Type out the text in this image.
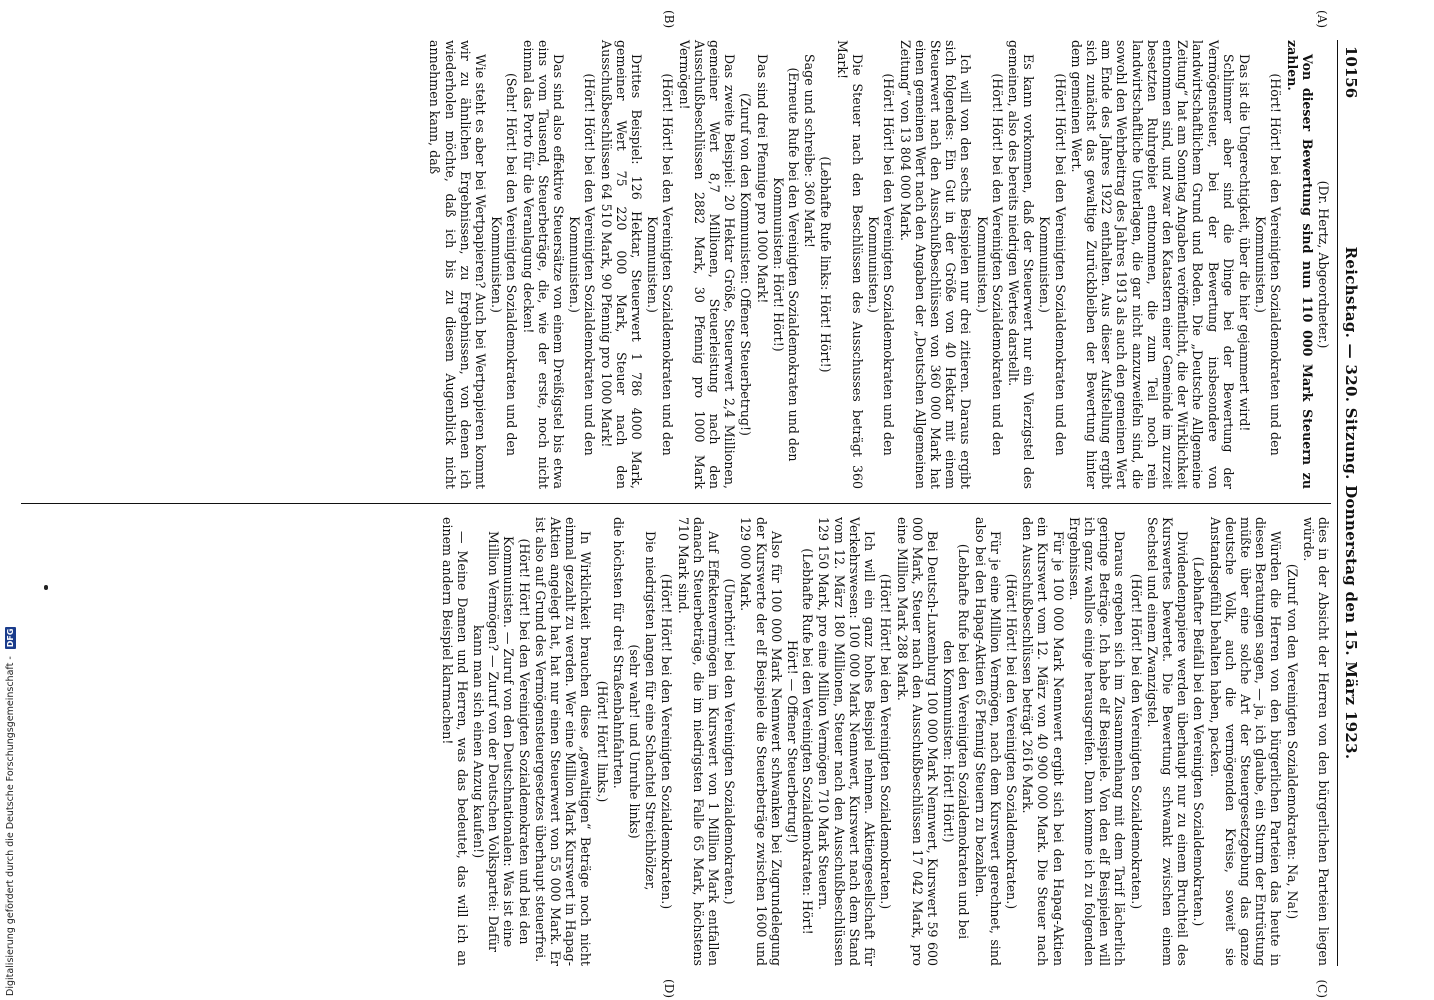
10156
Reichstag. — 320. Sitzung. Donnerstag den 15. März 1923.
(A)
(B)
(C)
(D)

(Dr. Hertz, Abgeordneter.)

Von dieser Bewertung sind nun 110 000 Mark Steuern zu zahlen.

(Hört! Hört! bei den Vereinigten Sozialdemokraten und den Kommunisten.)

Das ist die Ungerechtigkeit, über die hier gejammert wird!

Schlimmer aber sind die Dinge bei der Bewertung der Vermögensteuer, bei der Bewertung insbesondere von landwirtschaftlichem Grund und Boden. Die „Deutsche Allgemeine Zeitung“ hat am Sonntag Angaben veröffentlicht, die der Wirklichkeit entnommen sind, und zwar den Katastern einer Gemeinde im zurzeit besetzten Ruhrgebiet entnommen, die zum Teil noch rein landwirtschaftliche Unterlagen, die gar nicht anzuzweifeln sind, die sowohl den Wehrbeitrag des Jahres 1913 als auch den gemeinen Wert am Ende des Jahres 1922 enthalten. Aus dieser Aufstellung ergibt sich zunächst das gewaltige Zurückbleiben der Bewertung hinter dem gemeinen Wert.

(Hört! Hört! bei den Vereinigten Sozialdemokraten und den Kommunisten.)

Es kann vorkommen, daß der Steuerwert nur ein Vierzigstel des gemeinen, also des bereits niedrigen Wertes darstellt.

(Hört! Hört! bei den Vereinigten Sozialdemokraten und den Kommunisten.)

Ich will von den sechs Beispielen nur drei zitieren. Daraus ergibt sich folgendes: Ein Gut in der Größe von 40 Hektar mit einem Steuerwert nach den Ausschußbeschlüssen von 360 000 Mark hat einen gemeinen Wert nach den Angaben der „Deutschen Allgemeinen Zeitung“ von 13 804 000 Mark.

(Hört! Hört! bei den Vereinigten Sozialdemokraten und den Kommunisten.)

Die Steuer nach den Beschlüssen des Ausschusses beträgt 360 Mark!

(Lebhafte Rufe links: Hört! Hört!)

Sage und schreibe: 360 Mark!

(Erneute Rufe bei den Vereinigten Sozialdemokraten und den Kommunisten: Hört! Hört!)

Das sind drei Pfennige pro 1000 Mark!

(Zuruf von den Kommunisten: Offener Steuerbetrug!)

Das zweite Beispiel: 20 Hektar Größe, Steuerwert 2,4 Millionen, gemeiner Wert 8,7 Millionen, Steuerleistung nach den Ausschußbeschlüssen 2882 Mark, 30 Pfennig pro 1000 Mark Vermögen!

(Hört! Hört! bei den Vereinigten Sozialdemokraten und den Kommunisten.)

Drittes Beispiel: 126 Hektar, Steuerwert 1 786 4000 Mark, gemeiner Wert 75 220 000 Mark, Steuer nach den Ausschußbeschlüssen 64 510 Mark, 90 Pfennig pro 1000 Mark!

(Hört! Hört! bei den Vereinigten Sozialdemokraten und den Kommunisten.)

Das sind also effektive Steuersätze von einem Dreißigstel bis etwa eins vom Tausend, Steuerbeträge, die, wie der erste, noch nicht einmal das Porto für die Veranlagung decken!

(Sehr! Hört! bei den Vereinigten Sozialdemokraten und den Kommunisten.)

Wie steht es aber bei Wertpapieren? Auch bei Wertpapieren kommt wir zu ähnlichen Ergebnissen, zu Ergebnissen, von denen ich wiederholen möchte, daß ich bis zu diesem Augenblick nicht annehmen kann, daß

dies in der Absicht der Herren von den bürgerlichen Parteien liegen würde.

(Zuruf von den Vereinigten Sozialdemokraten: Na, Na!)

Würden die Herren von den bürgerlichen Parteien das heute in diesen Beratungen sagen, — ja, ich glaube, ein Sturm der Entrüstung müßte über eine solche Art der Steuergesetzgebung das ganze deutsche Volk, auch die vermögenden Kreise, soweit sie Anstandsgefühl behalten haben, packen.

(Lebhafter Beifall bei den Vereinigten Sozialdemokraten.)

Dividendenpapiere werden überhaupt nur zu einem Bruchteil des Kurswertes bewertet. Die Bewertung schwankt zwischen einem Sechstel und einem Zwanzigstel.

(Hört! Hört! bei den Vereinigten Sozialdemokraten.)

Daraus ergeben sich im Zusammenhang mit dem Tarif lächerlich geringe Beträge. Ich habe elf Beispiele. Von den elf Beispielen will ich ganz wahllos einige herausgreifen. Dann komme ich zu folgenden Ergebnissen.

Für je 100 000 Mark Nennwert ergibt sich bei den Hapag-Aktien ein Kurswert vom 12. März von 40 900 000 Mark. Die Steuer nach den Ausschußbeschlüssen beträgt 2616 Mark.

(Hört! Hört! bei den Vereinigten Sozialdemokraten.)

Für je eine Million Vermögen, nach dem Kurswert gerechnet, sind also bei den Hapag-Aktien 65 Pfennig Steuern zu bezahlen.

(Lebhafte Rufe bei den Vereinigten Sozialdemokraten und bei den Kommunisten: Hört! Hört!)

Bei Deutsch-Luxemburg 100 000 Mark Nennwert, Kurswert 59 600 000 Mark, Steuer nach den Ausschußbeschlüssen 17 042 Mark, pro eine Million Mark 288 Mark.

(Hört! Hört! bei den Vereinigten Sozialdemokraten.)

Ich will ein ganz hohes Beispiel nehmen. Aktiengesellschaft für Verkehrswesen: 100 000 Mark Nennwert, Kurswert nach dem Stand vom 12. März 180 Millionen, Steuer nach den Ausschußbeschlüssen 129 150 Mark, pro eine Million Vermögen 710 Mark Steuern.

(Lebhafte Rufe bei den Vereinigten Sozialdemokraten: Hört! Hört! — Offener Steuerbetrug!)

Also für 100 000 Mark Nennwert schwanken bei Zugrundelegung der Kurswerte der elf Beispiele die Steuerbeträge zwischen 1600 und 129 000 Mark.

(Unerhört! bei den Vereinigten Sozialdemokraten.)

Auf Effektenvermögen im Kurswert von 1 Million Mark entfallen danach Steuerbeträge, die im niedrigsten Falle 65 Mark, höchstens 710 Mark sind.

(Hört! Hört! bei den Vereinigten Sozialdemokraten.)

Die niedrigsten langen für eine Schachtel Streichhölzer,

(sehr wahr! und Unruhe links)

die höchsten für drei Straßenbahnfahrten.

(Hört! Hört! links.)

In Wirklichkeit brauchen diese „gewaltigen“ Beträge noch nicht einmal gezahlt zu werden. Wer eine Million Mark Kurswert in Hapag-Aktien angelegt hat, hat nur einen Steuerwert von 55 000 Mark. Er ist also auf Grund des Vermögensteuergesetzes überhaupt steuerfrei.

(Hört! Hört! bei den Vereinigten Sozialdemokraten und bei den Kommunisten. — Zuruf von den Deutschnationalen: Was ist eine Million Vermögen? — Zuruf von der Deutschen Volkspartei: Dafür kann man sich einen Anzug kaufen!)

— Meine Damen und Herren, was das bedeutet, das will ich an einem andern Beispiel klarmachen!

Digitalisierung gefördert durch die Deutsche Forschungsgemeinschaft - DFG
